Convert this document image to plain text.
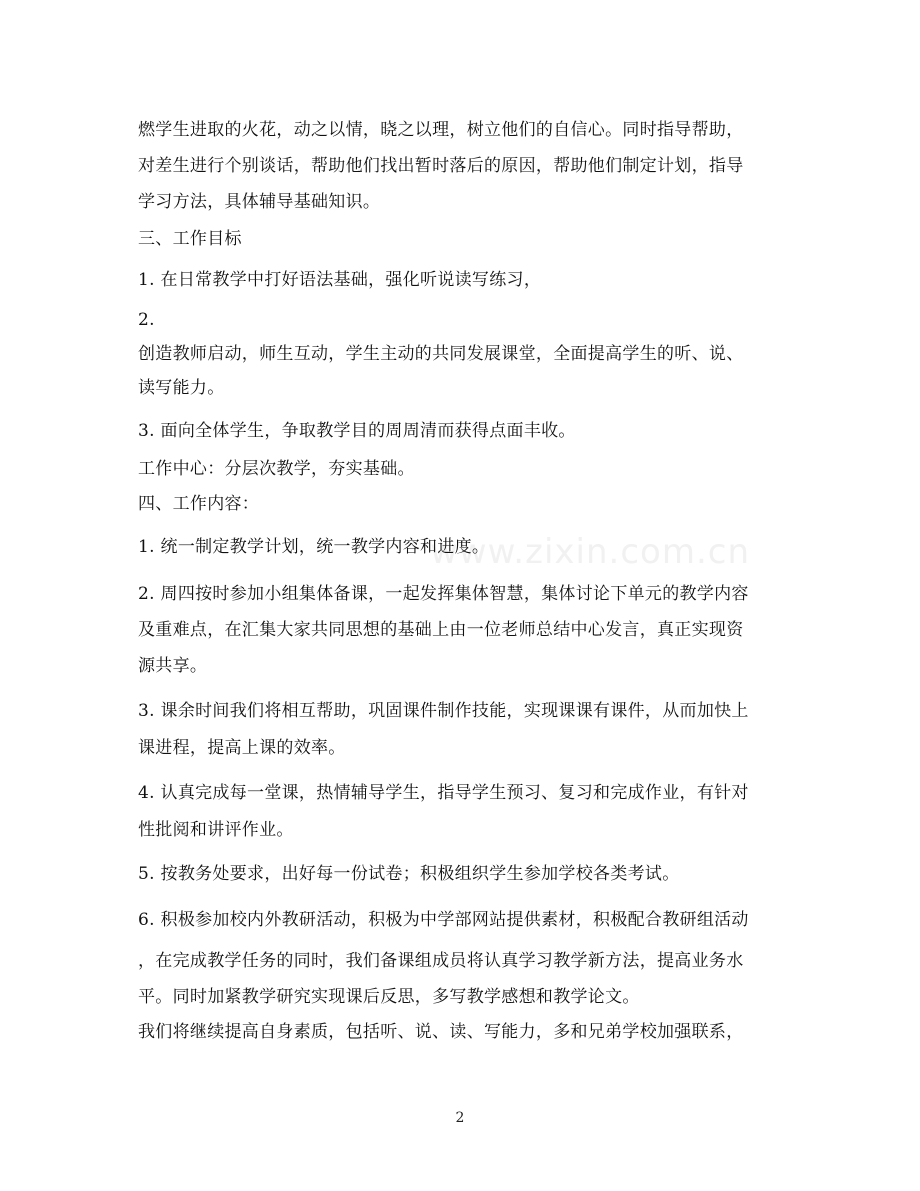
www.zixin.com.cn
燃学生进取的火花，动之以情，晓之以理，树立他们的自信心。同时指导帮助，
对差生进行个别谈话，帮助他们找出暂时落后的原因，帮助他们制定计划，指导
学习方法，具体辅导基础知识。
三、工作目标
1. 在日常教学中打好语法基础，强化听说读写练习，
2.
创造教师启动，师生互动，学生主动的共同发展课堂，全面提高学生的听、说、
读写能力。
3. 面向全体学生，争取教学目的周周清而获得点面丰收。
工作中心：分层次教学，夯实基础。
四、工作内容：
1. 统一制定教学计划，统一教学内容和进度。
2. 周四按时参加小组集体备课，一起发挥集体智慧，集体讨论下单元的教学内容
及重难点，在汇集大家共同思想的基础上由一位老师总结中心发言，真正实现资
源共享。
3. 课余时间我们将相互帮助，巩固课件制作技能，实现课课有课件，从而加快上
课进程，提高上课的效率。
4. 认真完成每一堂课，热情辅导学生，指导学生预习、复习和完成作业，有针对
性批阅和讲评作业。
5. 按教务处要求，出好每一份试卷；积极组织学生参加学校各类考试。
6. 积极参加校内外教研活动，积极为中学部网站提供素材，积极配合教研组活动
，在完成教学任务的同时，我们备课组成员将认真学习教学新方法，提高业务水
平。同时加紧教学研究实现课后反思，多写教学感想和教学论文。
我们将继续提高自身素质，包括听、说、读、写能力，多和兄弟学校加强联系，
2
